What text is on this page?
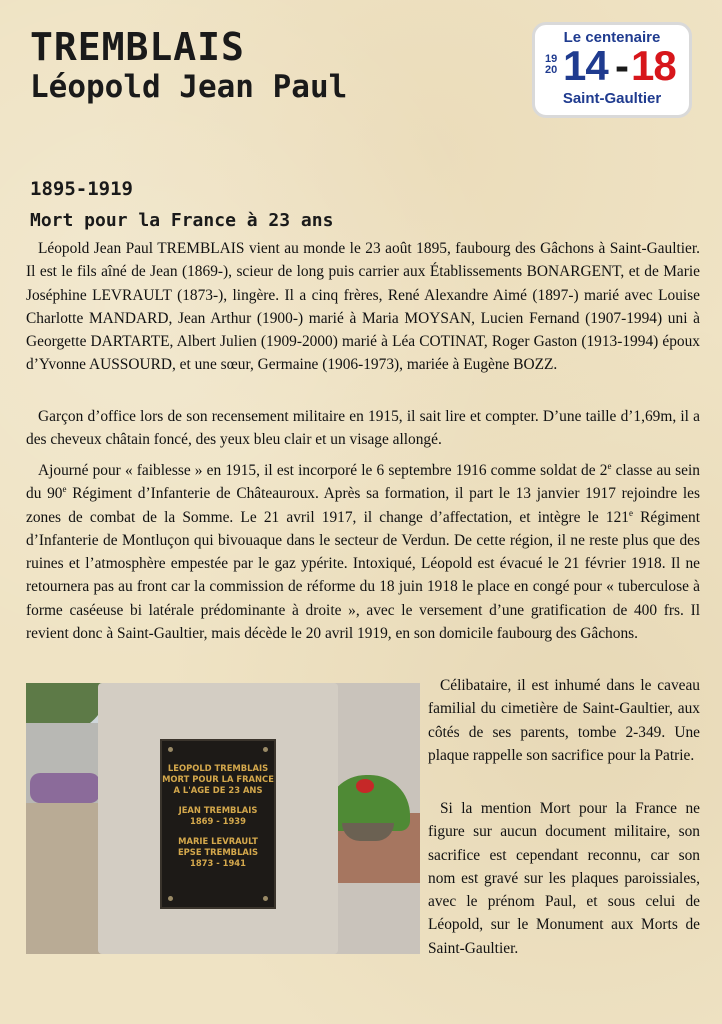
TREMBLAIS
Léopold Jean Paul
1895-1919
Mort pour la France à 23 ans
Le centenaire
19
20 14 - 18
Saint-Gaultier

Léopold Jean Paul TREMBLAIS vient au monde le 23 août 1895, faubourg des Gâchons à Saint-Gaultier. Il est le fils aîné de Jean (1869-), scieur de long puis carrier aux Établissements BONARGENT, et de Marie Joséphine LEVRAULT (1873-), lingère. Il a cinq frères, René Alexandre Aimé (1897-) marié avec Louise Charlotte MANDARD, Jean Arthur (1900-) marié à Maria MOYSAN, Lucien Fernand (1907-1994) uni à Georgette DARTARTE, Albert Julien (1909-2000) marié à Léa COTINAT, Roger Gaston (1913-1994) époux d’Yvonne AUSSOURD, et une sœur, Germaine (1906-1973), mariée à Eugène BOZZ.

Garçon d’office lors de son recensement militaire en 1915, il sait lire et compter. D’une taille d’1,69m, il a des cheveux châtain foncé, des yeux bleu clair et un visage allongé.

Ajourné pour « faiblesse » en 1915, il est incorporé le 6 septembre 1916 comme soldat de 2e classe au sein du 90e Régiment d’Infanterie de Châteauroux. Après sa formation, il part le 13 janvier 1917 rejoindre les zones de combat de la Somme. Le 21 avril 1917, il change d’affectation, et intègre le 121e Régiment d’Infanterie de Montluçon qui bivouaque dans le secteur de Verdun. De cette région, il ne reste plus que des ruines et l’atmosphère empestée par le gaz ypérite. Intoxiqué, Léopold est évacué le 21 février 1918. Il ne retournera pas au front car la commission de réforme du 18 juin 1918 le place en congé pour « tuberculose à forme caséeuse bi latérale prédominante à droite », avec le versement d’une gratification de 400 frs. Il revient donc à Saint-Gaultier, mais décède le 20 avril 1919, en son domicile faubourg des Gâchons.

Célibataire, il est inhumé dans le caveau familial du cimetière de Saint-Gaultier, aux côtés de ses parents, tombe 2-349. Une plaque rappelle son sacrifice pour la Patrie.

Si la mention Mort pour la France ne figure sur aucun document militaire, son sacrifice est cependant reconnu, car son nom est gravé sur les plaques paroissiales, avec le prénom Paul, et sous celui de Léopold, sur le Monument aux Morts de Saint-Gaultier.

LEOPOLD TREMBLAIS
MORT POUR LA FRANCE
A L'AGE DE 23 ANS
JEAN TREMBLAIS
1869 - 1939
MARIE LEVRAULT
EPSE TREMBLAIS
1873 - 1941
